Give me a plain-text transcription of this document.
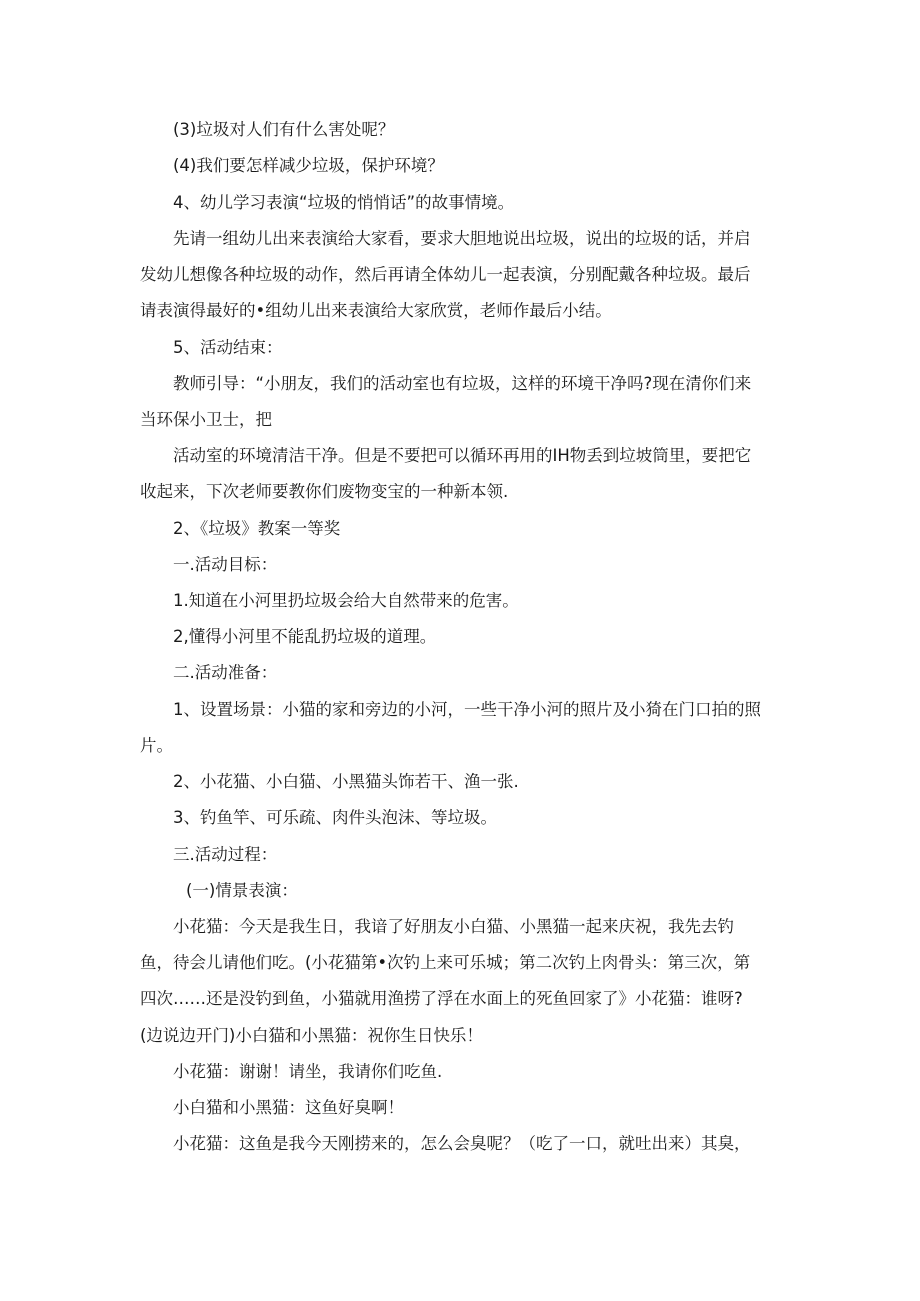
(3)垃圾对人们有什么害处呢？
(4)我们要怎样减少垃圾，保护环境？
4、幼儿学习表演“垃圾的悄悄话”的故事情境。
先请一组幼儿出来表演给大家看，要求大胆地说出垃圾，说出的垃圾的话，并启
发幼儿想像各种垃圾的动作，然后再请全体幼儿一起表演，分别配戴各种垃圾。最后
请表演得最好的•组幼儿出来表演给大家欣赏，老师作最后小结。
5、活动结束：
教师引导：“小朋友，我们的活动室也有垃圾，这样的环境干净吗?现在清你们来
当环保小卫士，把
活动室的环境清洁干净。但是不要把可以循环再用的IH物丢到垃坡筒里，要把它
收起来，下次老师要教你们废物变宝的一种新本领.
2、《垃圾》教案一等奖
一.活动目标：
1.知道在小河里扔垃圾会给大自然带来的危害。
2,懂得小河里不能乱扔垃圾的道理。
二.活动准备：
1、设置场景：小猫的家和旁边的小河，一些干净小河的照片及小猗在门口拍的照
片。
2、小花猫、小白猫、小黑猫头饰若干、渔一张.
3、钓鱼竿、可乐疏、肉件头泡沫、等垃圾。
三.活动过程：
(一)情景表演：
小花猫：今天是我生日，我谙了好朋友小白猫、小黑猫一起来庆祝，我先去钓
鱼，待会儿请他们吃。(小花猫第•次钓上来可乐城；第二次钓上肉骨头：第三次，第
四次……还是没钓到鱼，小猫就用渔捞了浮在水面上的死鱼回家了》小花猫：谁呀?
(边说边开门)小白猫和小黑猫：祝你生日快乐！
小花猫：谢谢！请坐，我请你们吃鱼.
小白猫和小黑猫：这鱼好臭啊！
小花猫：这鱼是我今天刚捞来的，怎么会臭呢？（吃了一口，就吐出来）其臭，
